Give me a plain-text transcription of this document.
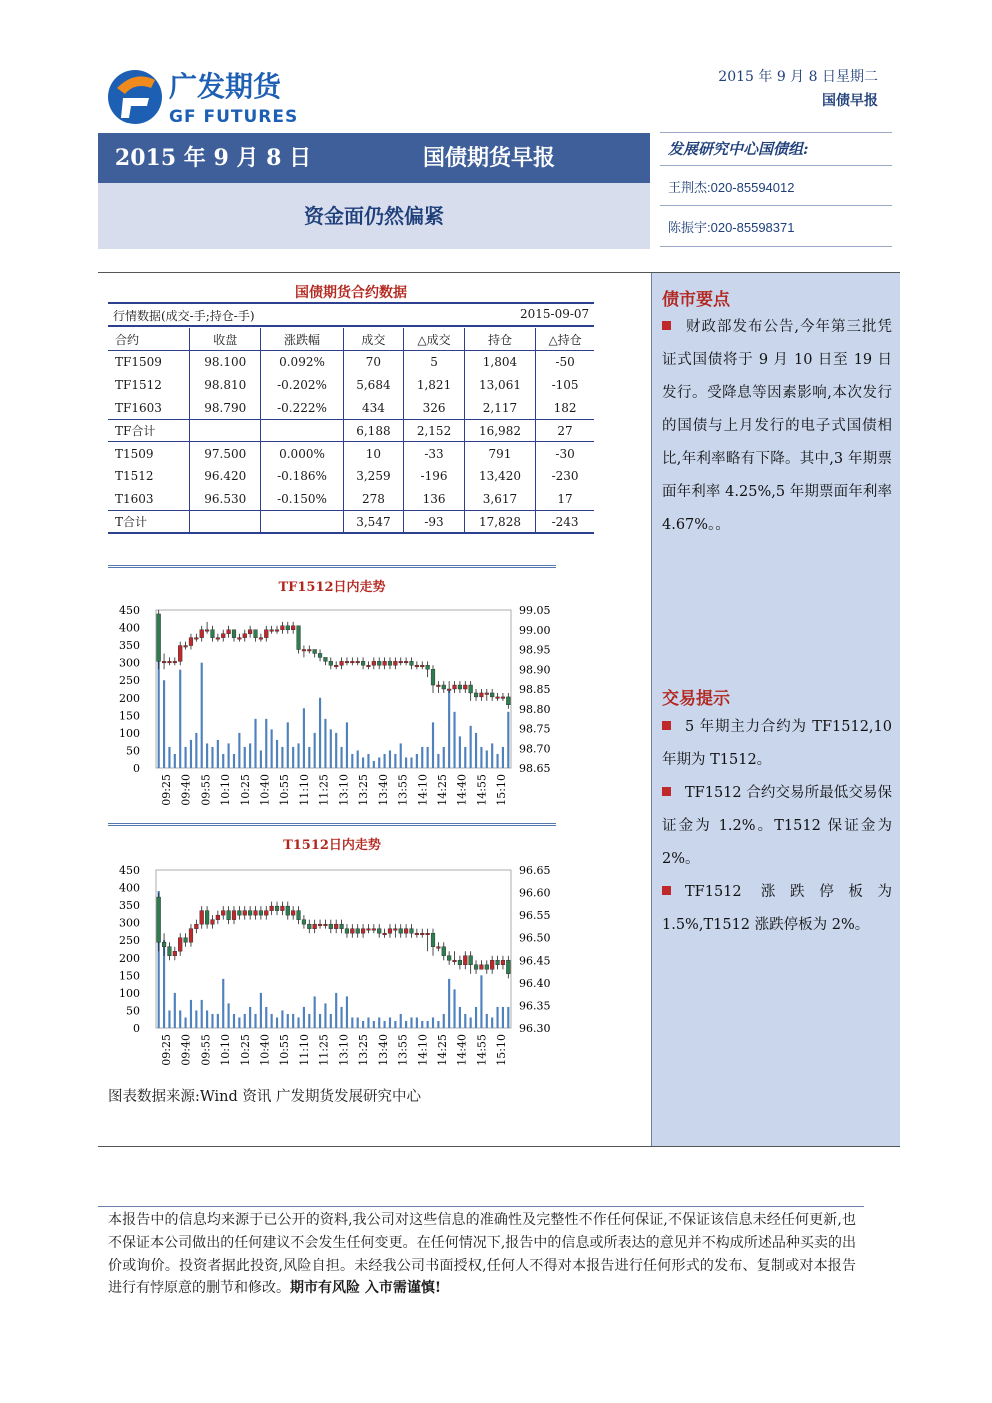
广发期货
GF FUTURES
2015 年 9 月 8 日星期二
国债早报
2015 年 9 月 8 日	国债期货早报
资金面仍然偏紧
发展研究中心国债组:
王荆杰:020-85594012
陈振宇:020-85598371
债市要点
财政部发布公告,今年第三批凭证式国债将于 9 月 10 日至 19 日发行。受降息等因素影响,本次发行的国债与上月发行的电子式国债相比,年利率略有下降。其中,3 年期票面年利率 4.25%,5 年期票面年利率 4.67%。。
交易提示
5 年期主力合约为 TF1512,10 年期为 T1512。
TF1512 合约交易所最低交易保证金为 1.2%。T1512 保证金为 2%。
TF1512 涨跌停板为 1.5%,T1512 涨跌停板为 2%。
国债期货合约数据
行情数据(成交-手;持仓-手)	2015-09-07
合约	收盘	涨跌幅	成交	△成交	持仓	△持仓
TF1509	98.100	0.092%	70	5	1,804	-50
TF1512	98.810	-0.202%	5,684	1,821	13,061	-105
TF1603	98.790	-0.222%	434	326	2,117	182
TF合计			6,188	2,152	16,982	27
T1509	97.500	0.000%	10	-33	791	-30
T1512	96.420	-0.186%	3,259	-196	13,420	-230
T1603	96.530	-0.150%	278	136	3,617	17
T合计			3,547	-93	17,828	-243
TF1512日内走势
0
50
100
150
200
250
300
350
400
450
98.65
98.70
98.75
98.80
98.85
98.90
98.95
99.00
99.05
09:25 09:40 09:55 10:10 10:25 10:40 10:55 11:10 11:25 13:10 13:25 13:40 13:55 14:10 14:25 14:40 14:55 15:10
T1512日内走势
0
50
100
150
200
250
300
350
400
450
96.30
96.35
96.40
96.45
96.50
96.55
96.60
96.65
09:25 09:40 09:55 10:10 10:25 10:40 10:55 11:10 11:25 13:10 13:25 13:40 13:55 14:10 14:25 14:40 14:55 15:10
图表数据来源:Wind 资讯 广发期货发展研究中心
本报告中的信息均来源于已公开的资料,我公司对这些信息的准确性及完整性不作任何保证,不保证该信息未经任何更新,也不保证本公司做出的任何建议不会发生任何变更。在任何情况下,报告中的信息或所表达的意见并不构成所述品种买卖的出价或询价。投资者据此投资,风险自担。未经我公司书面授权,任何人不得对本报告进行任何形式的发布、复制或对本报告进行有悖原意的删节和修改。期市有风险 入市需谨慎!
